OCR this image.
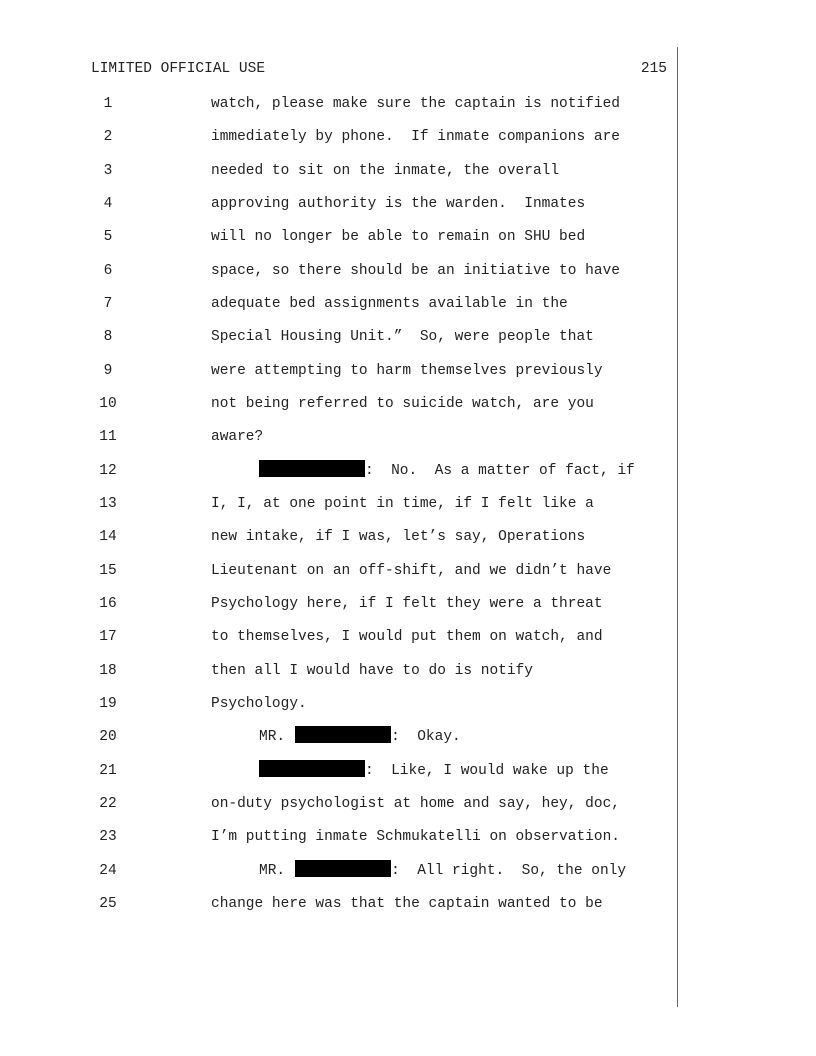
LIMITED OFFICIAL USE	215
1	watch, please make sure the captain is notified
2	immediately by phone.  If inmate companions are
3	needed to sit on the inmate, the overall
4	approving authority is the warden.  Inmates
5	will no longer be able to remain on SHU bed
6	space, so there should be an initiative to have
7	adequate bed assignments available in the
8	Special Housing Unit.”  So, were people that
9	were attempting to harm themselves previously
10	not being referred to suicide watch, are you
11	aware?
12	:  No.  As a matter of fact, if
13	I, I, at one point in time, if I felt like a
14	new intake, if I was, let’s say, Operations
15	Lieutenant on an off-shift, and we didn’t have
16	Psychology here, if I felt they were a threat
17	to themselves, I would put them on watch, and
18	then all I would have to do is notify
19	Psychology.
20	MR.	:  Okay.
21	:  Like, I would wake up the
22	on-duty psychologist at home and say, hey, doc,
23	I’m putting inmate Schmukatelli on observation.
24	MR.	:  All right.  So, the only
25	change here was that the captain wanted to be
